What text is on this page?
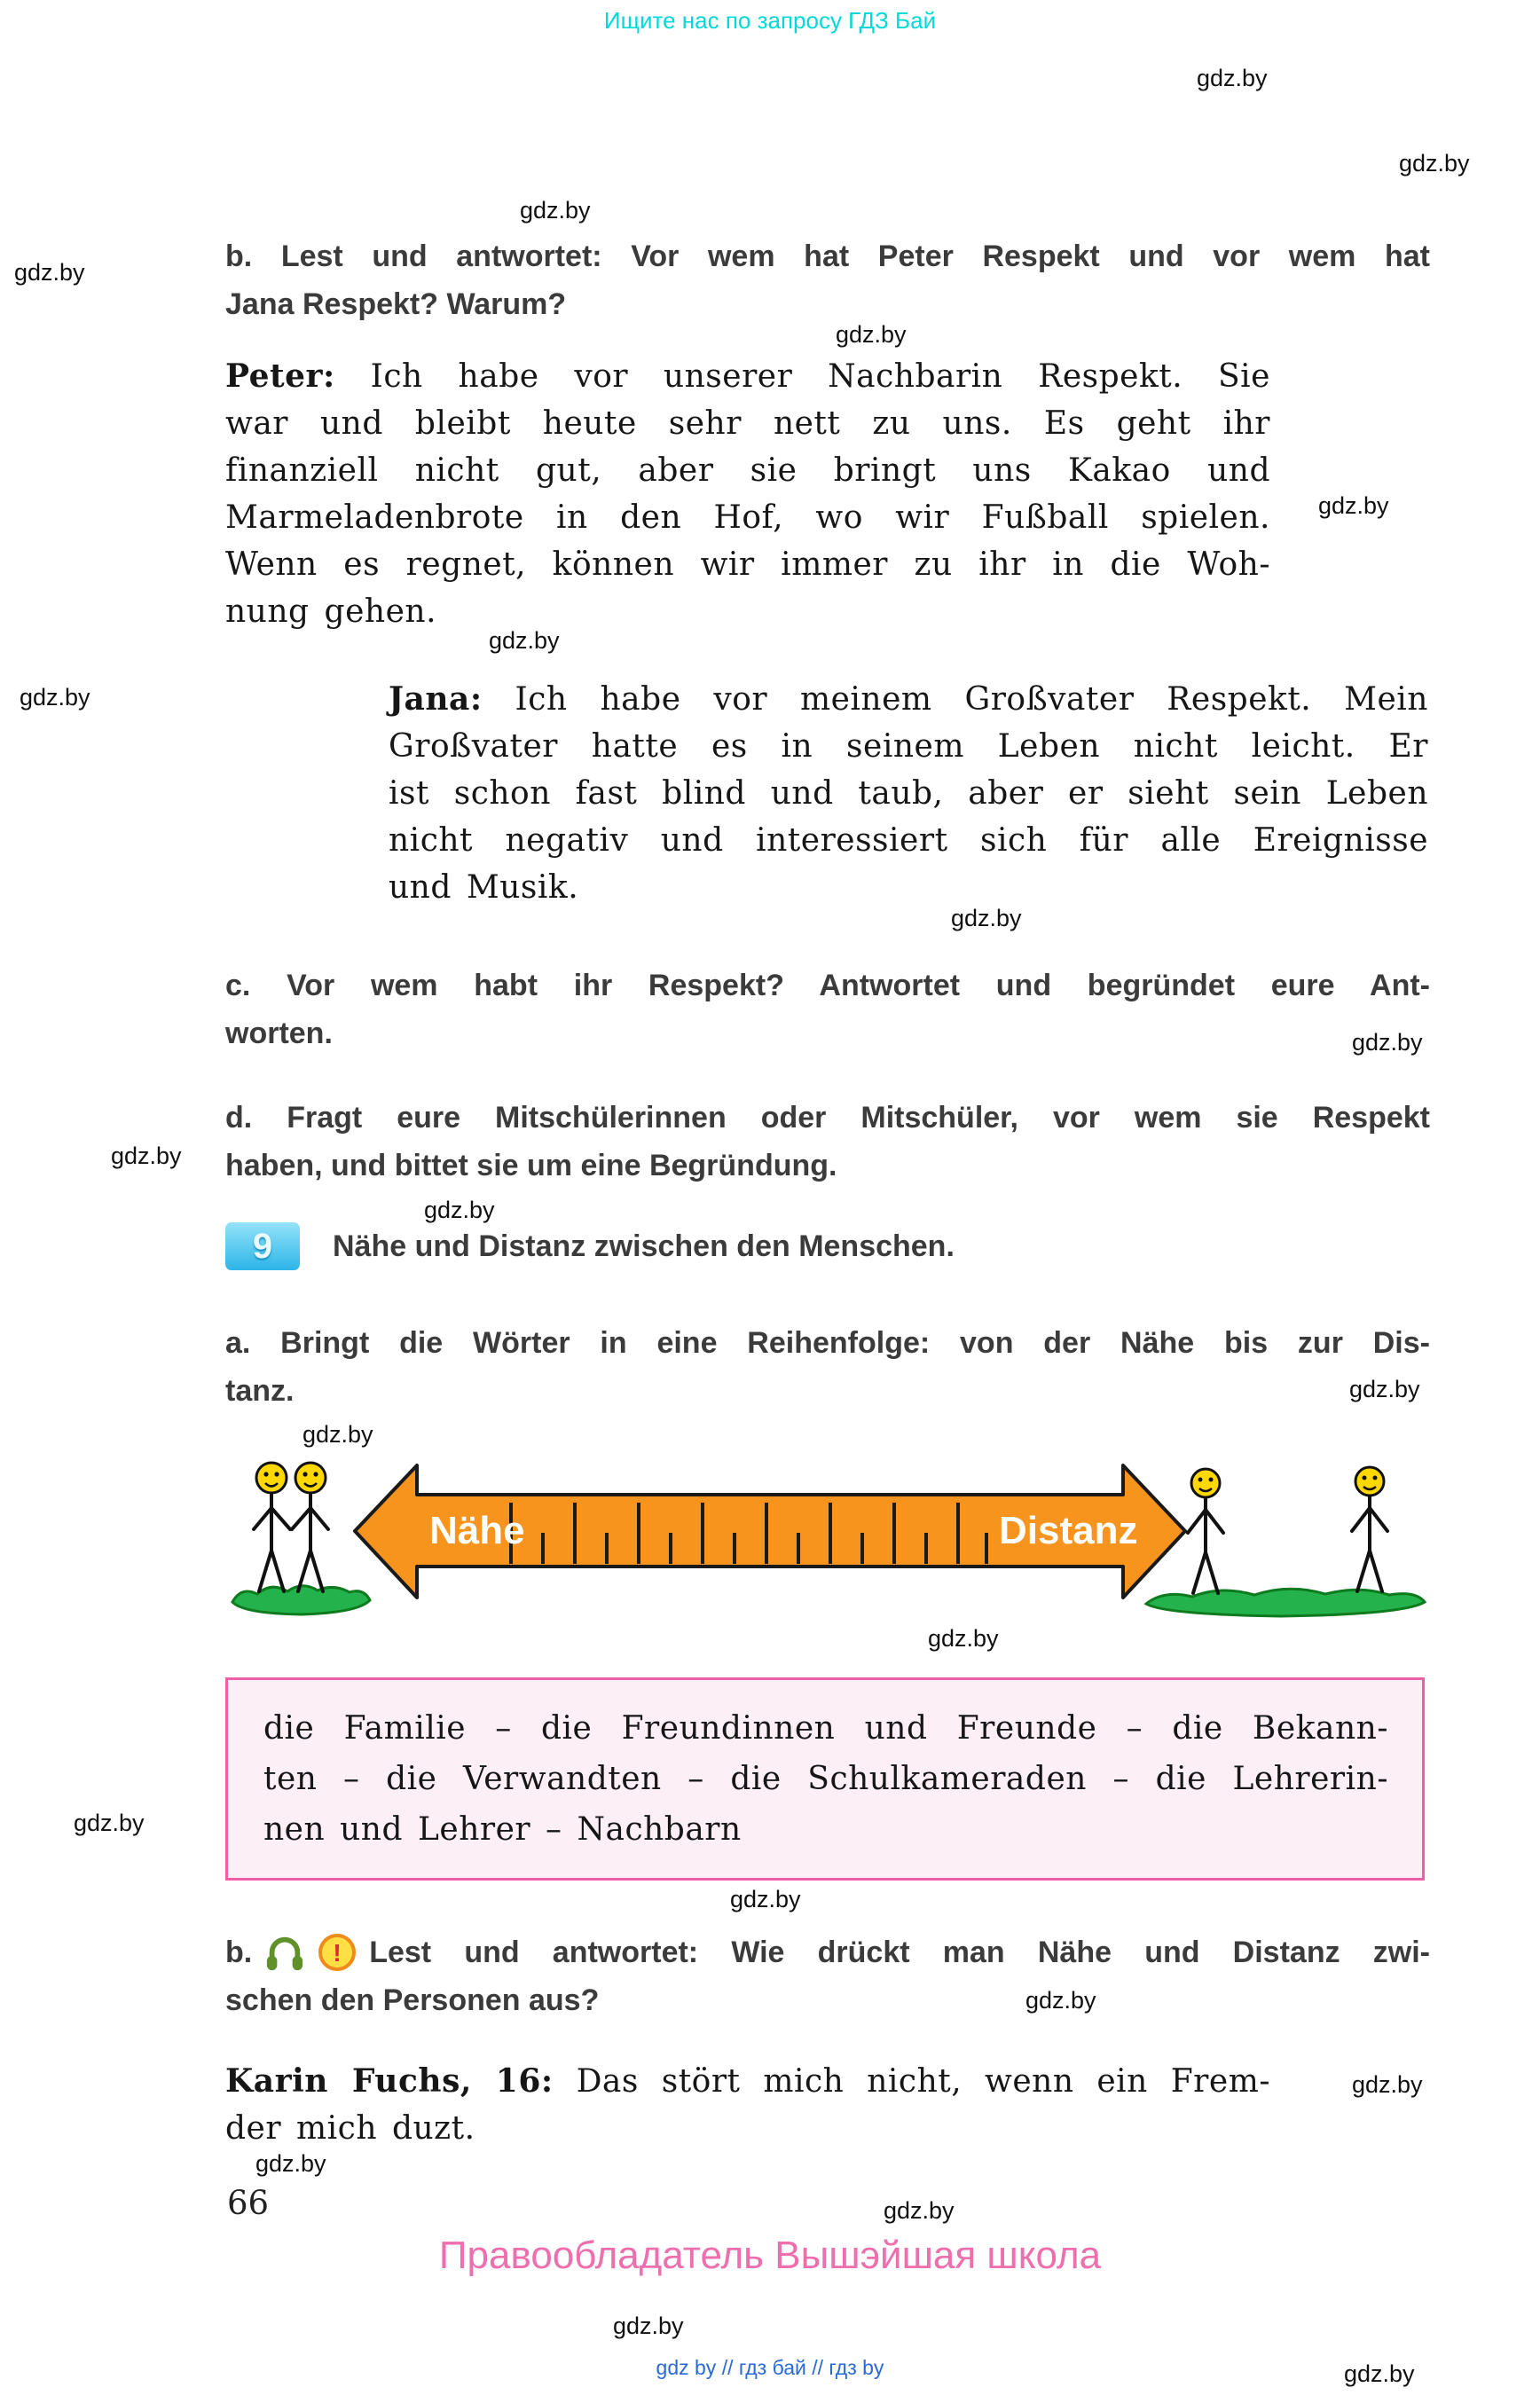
Ищите нас по запросу ГДЗ Бай
gdz.by
gdz.by
gdz.by
gdz.by
gdz.by
gdz.by
gdz.by
gdz.by
gdz.by
gdz.by
gdz.by
gdz.by
gdz.by
gdz.by
gdz.by
gdz.by
gdz.by
gdz.by
gdz.by
gdz.by
gdz.by
gdz.by
gdz.by
b. Lest und antwortet: Vor wem hat Peter Respekt und vor wem hat
Jana Respekt? Warum?
Peter: Ich habe vor unserer Nachbarin Respekt. Sie
war und bleibt heute sehr nett zu uns. Es geht ihr
finanziell nicht gut, aber sie bringt uns Kakao und
Marmeladenbrote in den Hof, wo wir Fußball spielen.
Wenn es regnet, können wir immer zu ihr in die Woh-
nung gehen.
Jana: Ich habe vor meinem Großvater Respekt. Mein
Großvater hatte es in seinem Leben nicht leicht. Er
ist schon fast blind und taub, aber er sieht sein Leben
nicht negativ und interessiert sich für alle Ereignisse
und Musik.
c. Vor wem habt ihr Respekt? Antwortet und begründet eure Ant-
worten.
d. Fragt eure Mitschülerinnen oder Mitschüler, vor wem sie Respekt
haben, und bittet sie um eine Begründung.
9	Nähe und Distanz zwischen den Menschen.
a. Bringt die Wörter in eine Reihenfolge: von der Nähe bis zur Dis-
tanz.
Nähe	Distanz
die Familie – die Freundinnen und Freunde – die Bekann-
ten – die Verwandten – die Schulkameraden – die Lehrerin-
nen und Lehrer – Nachbarn
b.	! Lest und antwortet: Wie drückt man Nähe und Distanz zwi-
schen den Personen aus?
Karin Fuchs, 16: Das stört mich nicht, wenn ein Frem-
der mich duzt.
66
Правообладатель Вышэйшая школа
gdz by // гдз бай // гдз by
